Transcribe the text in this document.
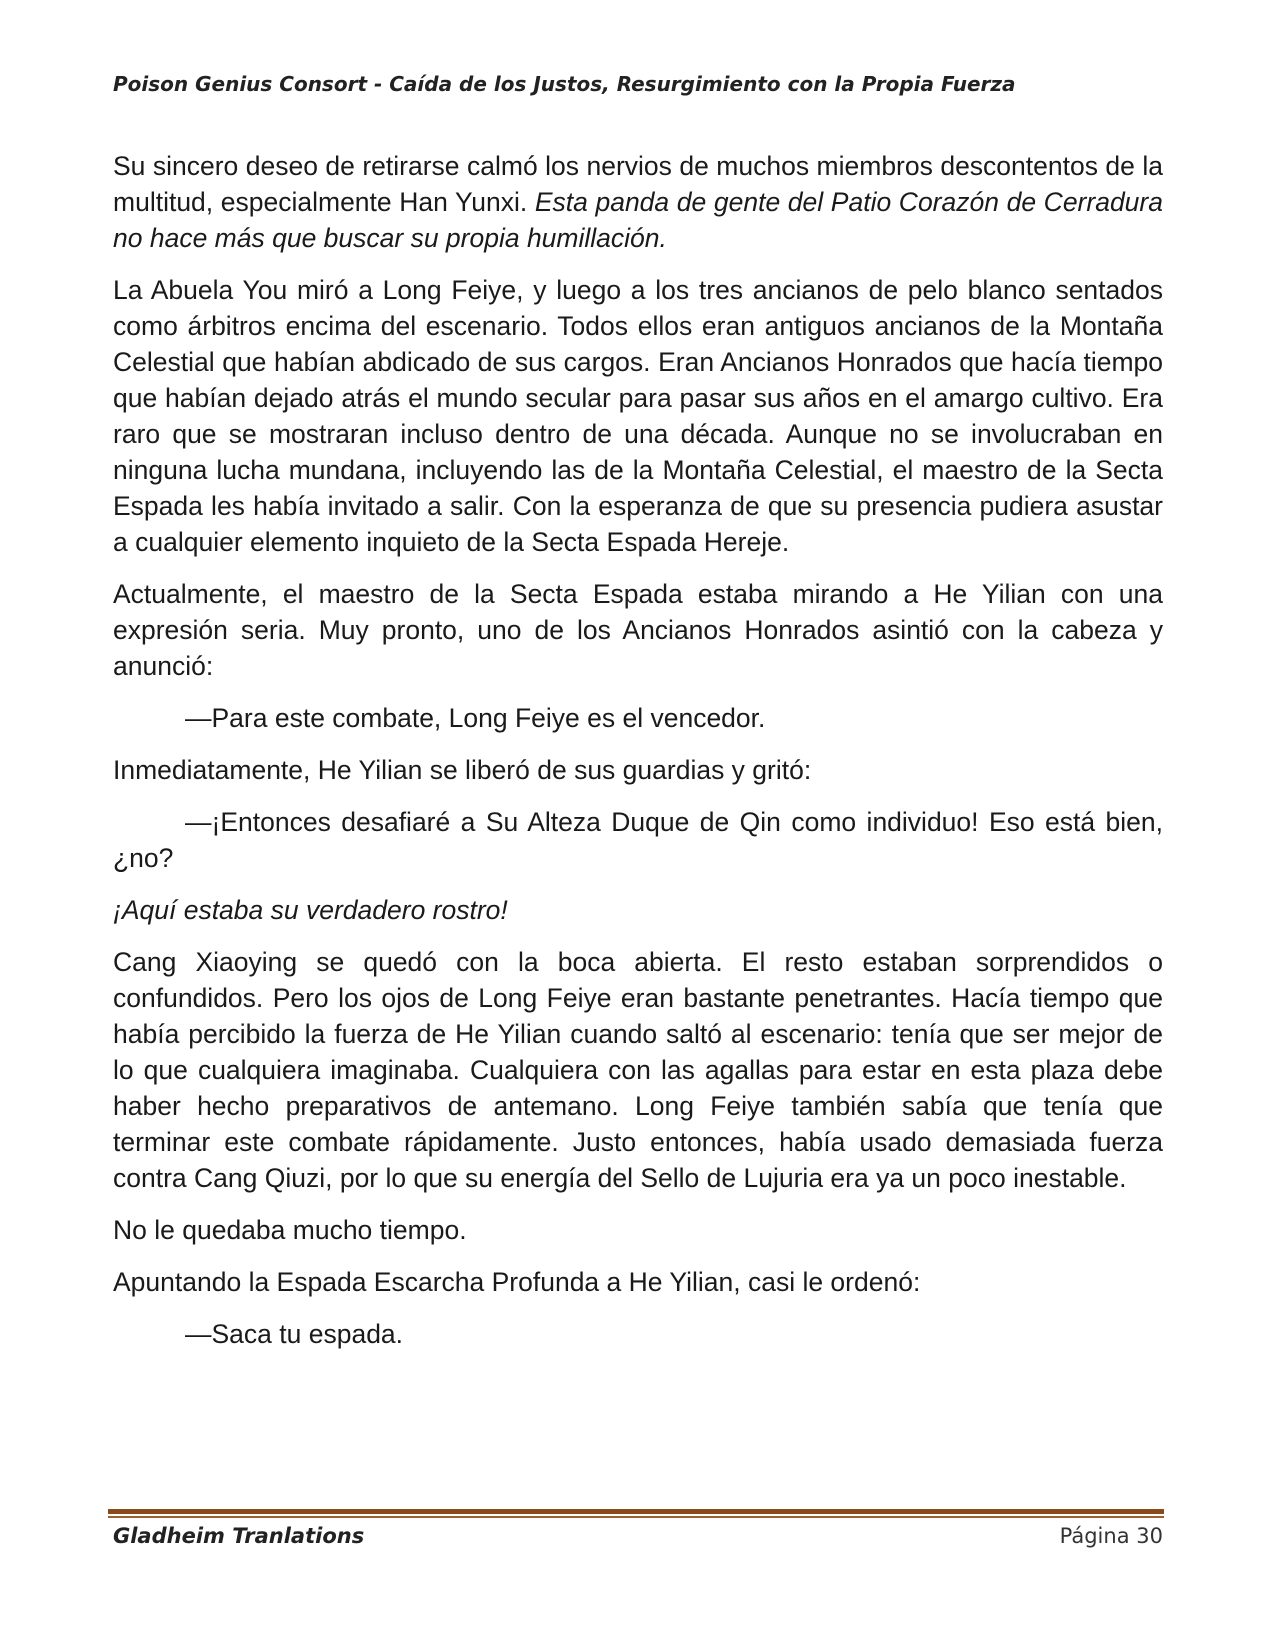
Poison Genius Consort - Caída de los Justos, Resurgimiento con la Propia Fuerza

Su sincero deseo de retirarse calmó los nervios de muchos miembros descontentos de la multitud, especialmente Han Yunxi. Esta panda de gente del Patio Corazón de Cerradura no hace más que buscar su propia humillación.

La Abuela You miró a Long Feiye, y luego a los tres ancianos de pelo blanco sentados como árbitros encima del escenario. Todos ellos eran antiguos ancianos de la Montaña Celestial que habían abdicado de sus cargos. Eran Ancianos Honrados que hacía tiempo que habían dejado atrás el mundo secular para pasar sus años en el amargo cultivo. Era raro que se mostraran incluso dentro de una década. Aunque no se involucraban en ninguna lucha mundana, incluyendo las de la Montaña Celestial, el maestro de la Secta Espada les había invitado a salir. Con la esperanza de que su presencia pudiera asustar a cualquier elemento inquieto de la Secta Espada Hereje.

Actualmente, el maestro de la Secta Espada estaba mirando a He Yilian con una expresión seria. Muy pronto, uno de los Ancianos Honrados asintió con la cabeza y anunció:

—Para este combate, Long Feiye es el vencedor.

Inmediatamente, He Yilian se liberó de sus guardias y gritó:

—¡Entonces desafiaré a Su Alteza Duque de Qin como individuo! Eso está bien, ¿no?

¡Aquí estaba su verdadero rostro!

Cang Xiaoying se quedó con la boca abierta. El resto estaban sorprendidos o confundidos. Pero los ojos de Long Feiye eran bastante penetrantes. Hacía tiempo que había percibido la fuerza de He Yilian cuando saltó al escenario: tenía que ser mejor de lo que cualquiera imaginaba. Cualquiera con las agallas para estar en esta plaza debe haber hecho preparativos de antemano. Long Feiye también sabía que tenía que terminar este combate rápidamente. Justo entonces, había usado demasiada fuerza contra Cang Qiuzi, por lo que su energía del Sello de Lujuria era ya un poco inestable.

No le quedaba mucho tiempo.

Apuntando la Espada Escarcha Profunda a He Yilian, casi le ordenó:

—Saca tu espada.

Gladheim Tranlations	Página 30
